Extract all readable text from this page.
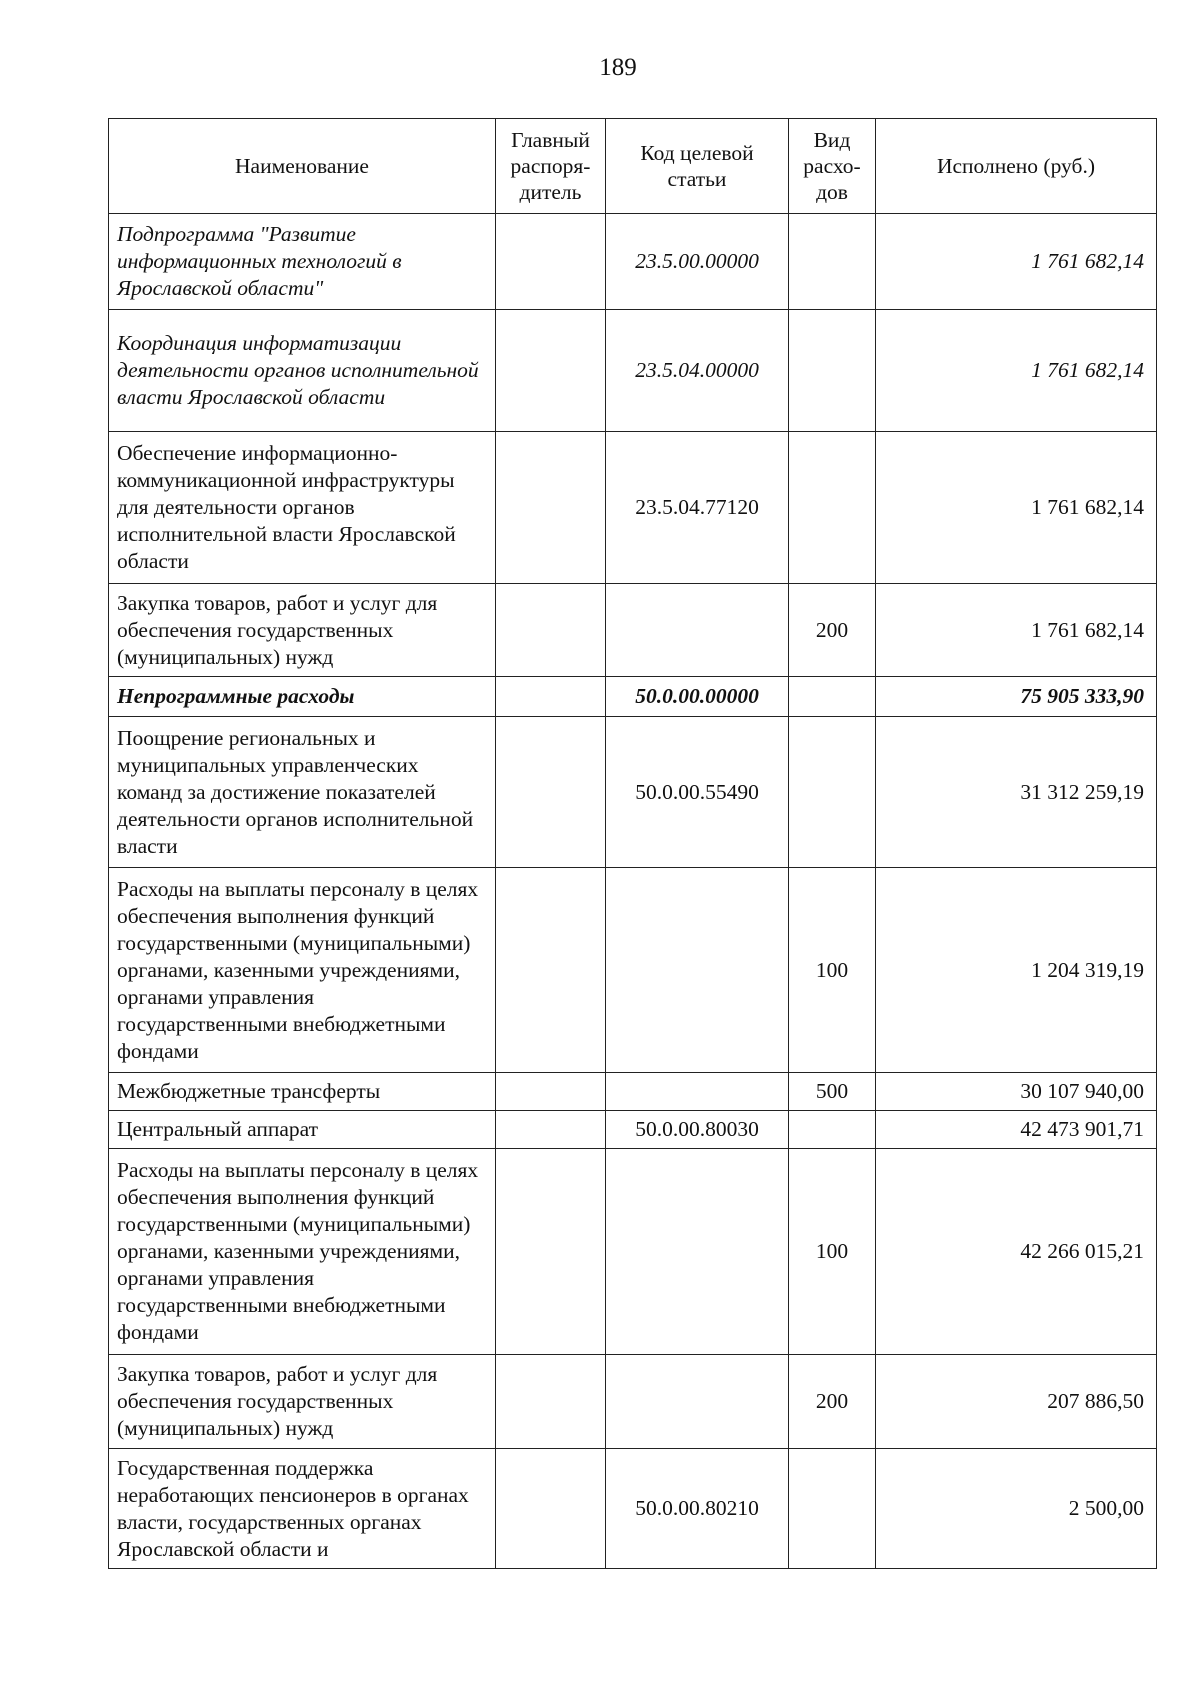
189
Наименование	Главный распоря-дитель	Код целевой статьи	Вид расхо-дов	Исполнено (руб.)
Подпрограмма "Развитие информационных технологий в Ярославской области"		23.5.00.00000		1 761 682,14
Координация информатизации деятельности органов исполнительной власти Ярославской области		23.5.04.00000		1 761 682,14
Обеспечение информационно-коммуникационной инфраструктуры для деятельности органов исполнительной власти Ярославской области		23.5.04.77120		1 761 682,14
Закупка товаров, работ и услуг для обеспечения государственных (муниципальных) нужд			200	1 761 682,14
Непрограммные расходы		50.0.00.00000		75 905 333,90
Поощрение региональных и муниципальных управленческих команд за достижение показателей деятельности органов исполнительной власти		50.0.00.55490		31 312 259,19
Расходы на выплаты персоналу в целях обеспечения выполнения функций государственными (муниципальными) органами, казенными учреждениями, органами управления государственными внебюджетными фондами			100	1 204 319,19
Межбюджетные трансферты			500	30 107 940,00
Центральный аппарат		50.0.00.80030		42 473 901,71
Расходы на выплаты персоналу в целях обеспечения выполнения функций государственными (муниципальными) органами, казенными учреждениями, органами управления государственными внебюджетными фондами			100	42 266 015,21
Закупка товаров, работ и услуг для обеспечения государственных (муниципальных) нужд			200	207 886,50
Государственная поддержка неработающих пенсионеров в органах власти, государственных органах Ярославской области и		50.0.00.80210		2 500,00
